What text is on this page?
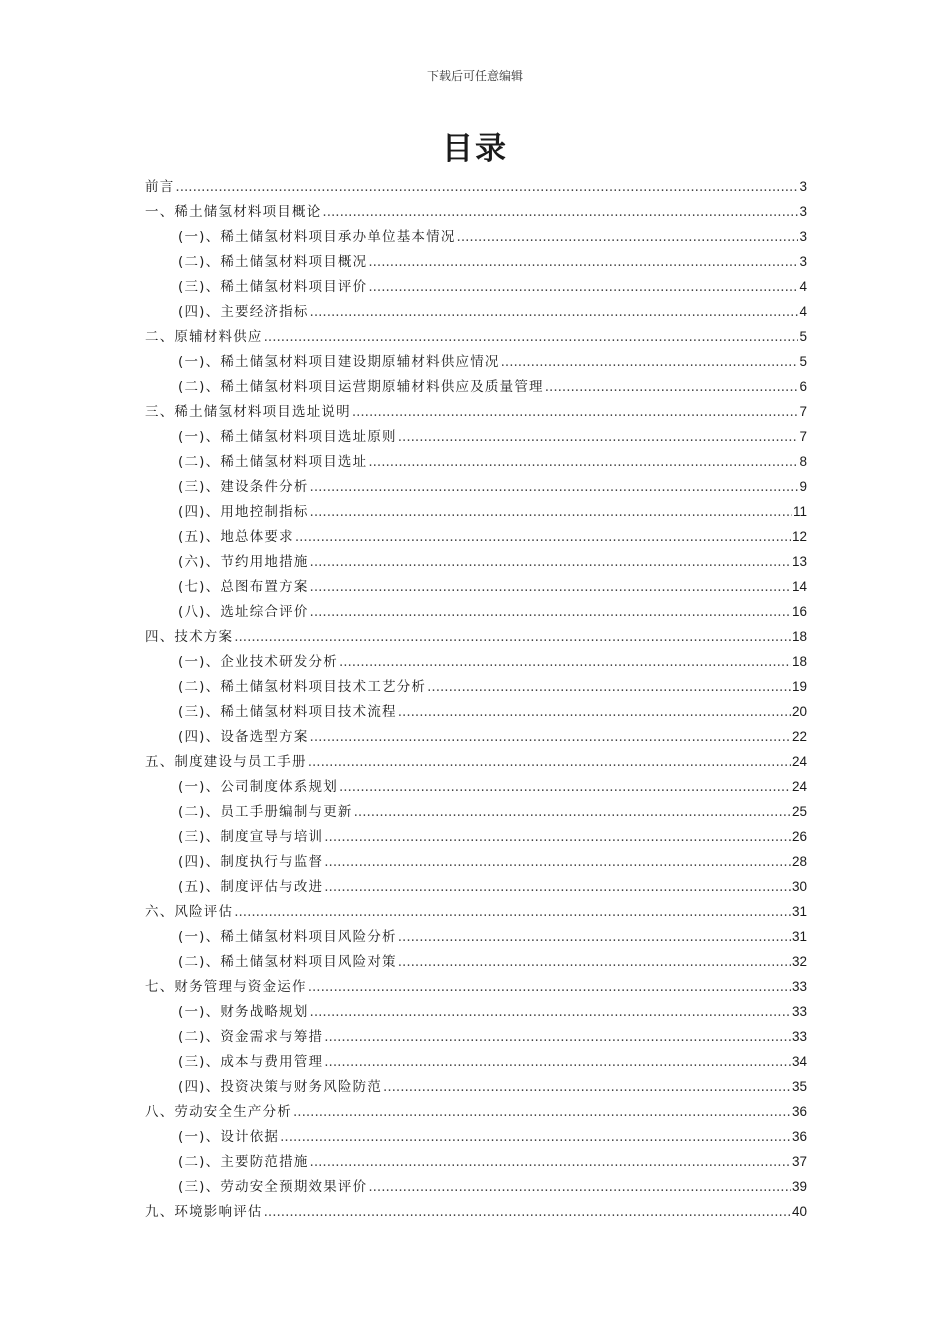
下载后可任意编辑
目录
前言 .....	3
一、稀土储氢材料项目概论 .....	3
(一)、稀土储氢材料项目承办单位基本情况 .....	3
(二)、稀土储氢材料项目概况 .....	3
(三)、稀土储氢材料项目评价 .....	4
(四)、主要经济指标 .....	4
二、原辅材料供应 .....	5
(一)、稀土储氢材料项目建设期原辅材料供应情况 .....	5
(二)、稀土储氢材料项目运营期原辅材料供应及质量管理 .....	6
三、稀土储氢材料项目选址说明 .....	7
(一)、稀土储氢材料项目选址原则 .....	7
(二)、稀土储氢材料项目选址 .....	8
(三)、建设条件分析 .....	9
(四)、用地控制指标 .....	11
(五)、地总体要求 .....	12
(六)、节约用地措施 .....	13
(七)、总图布置方案 .....	14
(八)、选址综合评价 .....	16
四、技术方案 .....	18
(一)、企业技术研发分析 .....	18
(二)、稀土储氢材料项目技术工艺分析 .....	19
(三)、稀土储氢材料项目技术流程 .....	20
(四)、设备选型方案 .....	22
五、制度建设与员工手册 .....	24
(一)、公司制度体系规划 .....	24
(二)、员工手册编制与更新 .....	25
(三)、制度宣导与培训 .....	26
(四)、制度执行与监督 .....	28
(五)、制度评估与改进 .....	30
六、风险评估 .....	31
(一)、稀土储氢材料项目风险分析 .....	31
(二)、稀土储氢材料项目风险对策 .....	32
七、财务管理与资金运作 .....	33
(一)、财务战略规划 .....	33
(二)、资金需求与筹措 .....	33
(三)、成本与费用管理 .....	34
(四)、投资决策与财务风险防范 .....	35
八、劳动安全生产分析 .....	36
(一)、设计依据 .....	36
(二)、主要防范措施 .....	37
(三)、劳动安全预期效果评价 .....	39
九、环境影响评估 .....	40
